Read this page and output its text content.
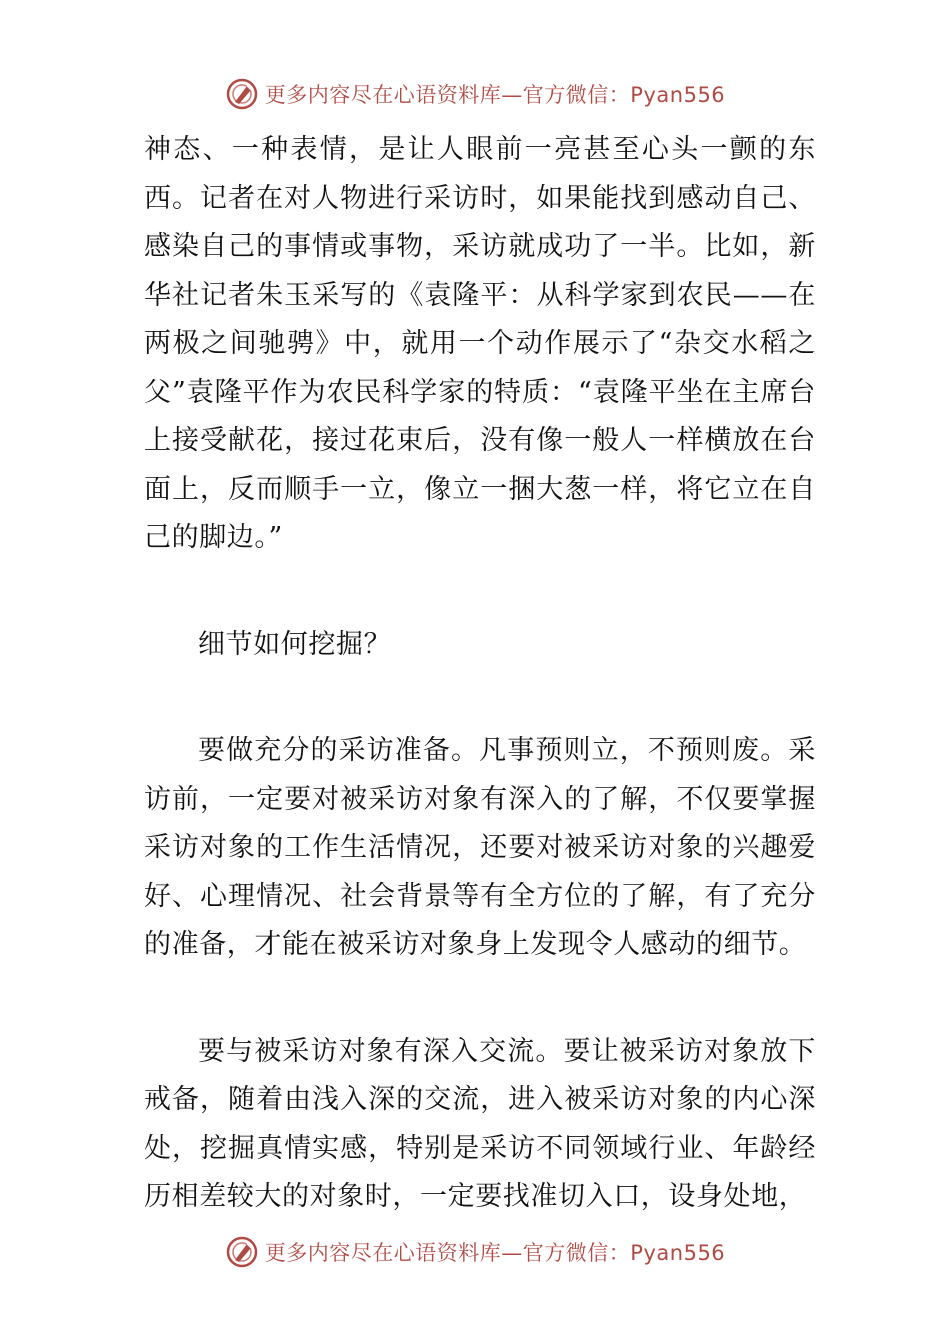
更多内容尽在心语资料库—官方微信：Pyan556

神态、一种表情，是让人眼前一亮甚至心头一颤的东西。记者在对人物进行采访时，如果能找到感动自己、感染自己的事情或事物，采访就成功了一半。比如，新华社记者朱玉采写的《袁隆平：从科学家到农民——在两极之间驰骋》中，就用一个动作展示了“杂交水稻之父”袁隆平作为农民科学家的特质：“袁隆平坐在主席台上接受献花，接过花束后，没有像一般人一样横放在台面上，反而顺手一立，像立一捆大葱一样，将它立在自己的脚边。”

细节如何挖掘？

要做充分的采访准备。凡事预则立，不预则废。采访前，一定要对被采访对象有深入的了解，不仅要掌握采访对象的工作生活情况，还要对被采访对象的兴趣爱好、心理情况、社会背景等有全方位的了解，有了充分的准备，才能在被采访对象身上发现令人感动的细节。

要与被采访对象有深入交流。要让被采访对象放下戒备，随着由浅入深的交流，进入被采访对象的内心深处，挖掘真情实感，特别是采访不同领域行业、年龄经历相差较大的对象时，一定要找准切入口，设身处地，

更多内容尽在心语资料库—官方微信：Pyan556
